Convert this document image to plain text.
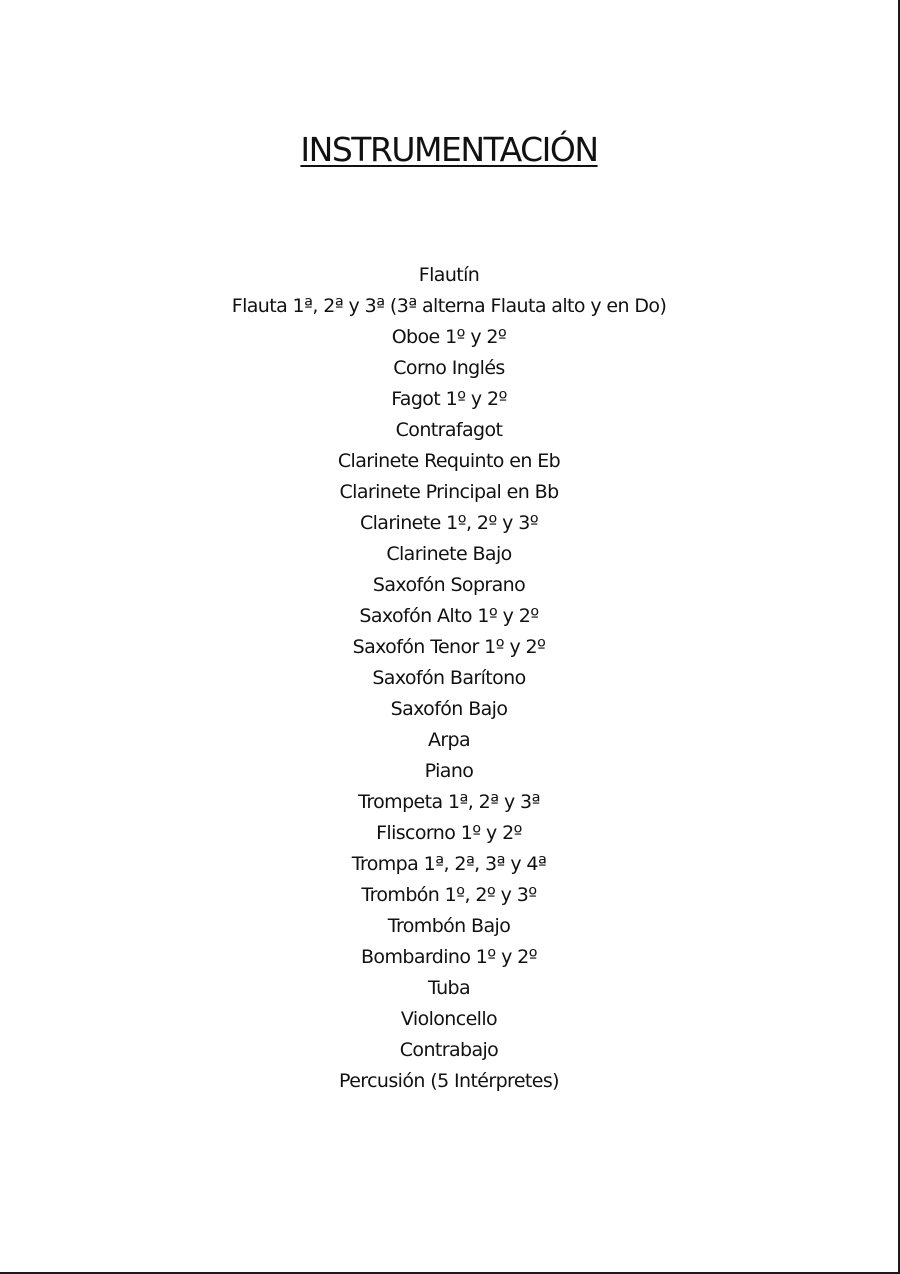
INSTRUMENTACIÓN
Flautín
Flauta 1ª, 2ª y 3ª (3ª alterna Flauta alto y en Do)
Oboe 1º y 2º
Corno Inglés
Fagot 1º y 2º
Contrafagot
Clarinete Requinto en Eb
Clarinete Principal en Bb
Clarinete 1º, 2º y 3º
Clarinete Bajo
Saxofón Soprano
Saxofón Alto 1º y 2º
Saxofón Tenor 1º y 2º
Saxofón Barítono
Saxofón Bajo
Arpa
Piano
Trompeta 1ª, 2ª y 3ª
Fliscorno 1º y 2º
Trompa 1ª, 2ª, 3ª y 4ª
Trombón 1º, 2º y 3º
Trombón Bajo
Bombardino 1º y 2º
Tuba
Violoncello
Contrabajo
Percusión (5 Intérpretes)
